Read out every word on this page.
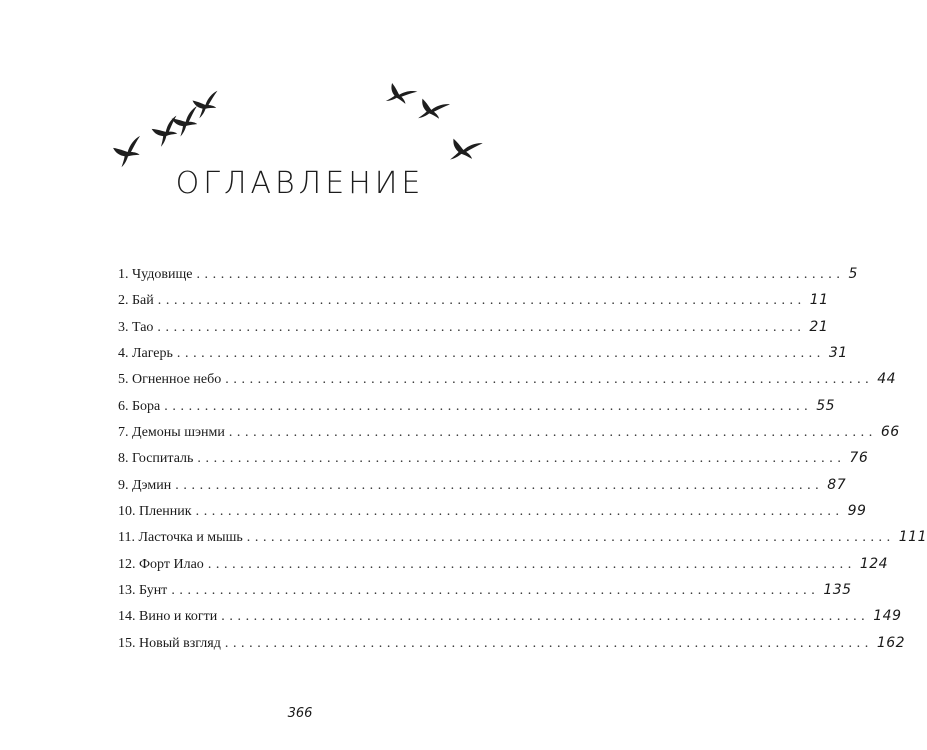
ОГЛАВЛЕНИЕ
1. Чудовище ................................................................................ 5
2. Бай ................................................................................ 11
3. Тао ................................................................................ 21
4. Лагерь ................................................................................ 31
5. Огненное небо ................................................................................ 44
6. Бора ................................................................................ 55
7. Демоны шэнми ................................................................................ 66
8. Госпиталь ................................................................................ 76
9. Дэмин ................................................................................ 87
10. Пленник ................................................................................ 99
11. Ласточка и мышь ................................................................................ 111
12. Форт Илао ................................................................................ 124
13. Бунт ................................................................................ 135
14. Вино и когти ................................................................................ 149
15. Новый взгляд ................................................................................ 162
366
